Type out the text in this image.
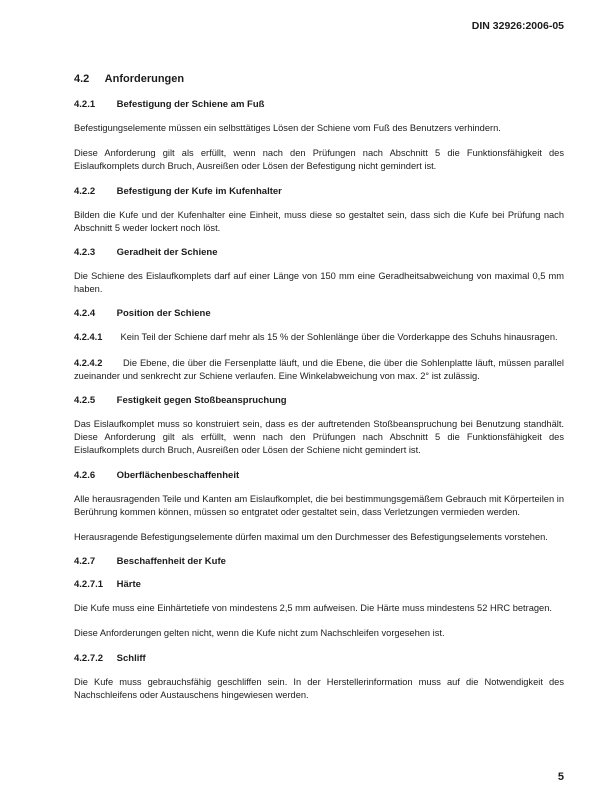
DIN 32926:2006-05
4.2 Anforderungen
4.2.1 Befestigung der Schiene am Fuß

Befestigungselemente müssen ein selbsttätiges Lösen der Schiene vom Fuß des Benutzers verhindern.

Diese Anforderung gilt als erfüllt, wenn nach den Prüfungen nach Abschnitt 5 die Funktionsfähigkeit des Eislaufkomplets durch Bruch, Ausreißen oder Lösen der Befestigung nicht gemindert ist.

4.2.2 Befestigung der Kufe im Kufenhalter

Bilden die Kufe und der Kufenhalter eine Einheit, muss diese so gestaltet sein, dass sich die Kufe bei Prüfung nach Abschnitt 5 weder lockert noch löst.

4.2.3 Geradheit der Schiene

Die Schiene des Eislaufkomplets darf auf einer Länge von 150 mm eine Geradheitsabweichung von maximal 0,5 mm haben.

4.2.4 Position der Schiene

4.2.4.1 Kein Teil der Schiene darf mehr als 15 % der Sohlenlänge über die Vorderkappe des Schuhs hinausragen.

4.2.4.2 Die Ebene, die über die Fersenplatte läuft, und die Ebene, die über die Sohlenplatte läuft, müssen parallel zueinander und senkrecht zur Schiene verlaufen. Eine Winkelabweichung von max. 2° ist zulässig.

4.2.5 Festigkeit gegen Stoßbeanspruchung

Das Eislaufkomplet muss so konstruiert sein, dass es der auftretenden Stoßbeanspruchung bei Benutzung standhält. Diese Anforderung gilt als erfüllt, wenn nach den Prüfungen nach Abschnitt 5 die Funktionsfähigkeit des Eislaufkomplets durch Bruch, Ausreißen oder Lösen der Schiene nicht gemindert ist.

4.2.6 Oberflächenbeschaffenheit

Alle herausragenden Teile und Kanten am Eislaufkomplet, die bei bestimmungsgemäßem Gebrauch mit Körperteilen in Berührung kommen können, müssen so entgratet oder gestaltet sein, dass Verletzungen vermieden werden.

Herausragende Befestigungselemente dürfen maximal um den Durchmesser des Befestigungselements vorstehen.

4.2.7 Beschaffenheit der Kufe
4.2.7.1 Härte

Die Kufe muss eine Einhärtetiefe von mindestens 2,5 mm aufweisen. Die Härte muss mindestens 52 HRC betragen.

Diese Anforderungen gelten nicht, wenn die Kufe nicht zum Nachschleifen vorgesehen ist.

4.2.7.2 Schliff

Die Kufe muss gebrauchsfähig geschliffen sein. In der Herstellerinformation muss auf die Notwendigkeit des Nachschleifens oder Austauschens hingewiesen werden.

5
